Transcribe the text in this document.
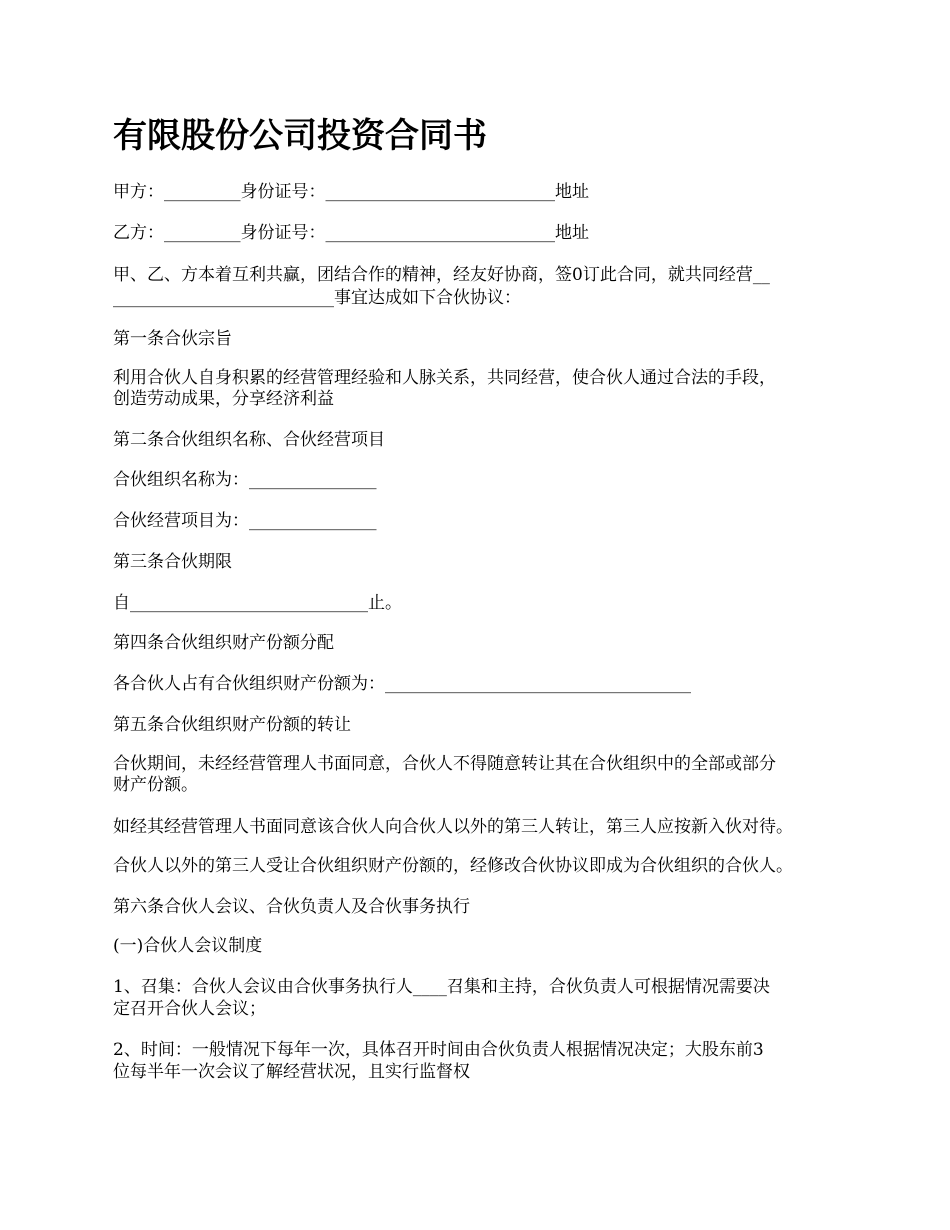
有限股份公司投资合同书

甲方：_________身份证号：___________________________地址

乙方：_________身份证号：___________________________地址

甲、乙、方本着互利共赢，团结合作的精神，经友好协商，签0订此合同，就共同经营__

__________________________事宜达成如下合伙协议：

第一条合伙宗旨

利用合伙人自身积累的经营管理经验和人脉关系，共同经营，使合伙人通过合法的手段，

创造劳动成果，分享经济利益

第二条合伙组织名称、合伙经营项目

合伙组织名称为：_______________

合伙经营项目为：_______________

第三条合伙期限

自____________________________止。

第四条合伙组织财产份额分配

各合伙人占有合伙组织财产份额为：____________________________________

第五条合伙组织财产份额的转让

合伙期间，未经经营管理人书面同意，合伙人不得随意转让其在合伙组织中的全部或部分

财产份额。

如经其经营管理人书面同意该合伙人向合伙人以外的第三人转让，第三人应按新入伙对待。

合伙人以外的第三人受让合伙组织财产份额的，经修改合伙协议即成为合伙组织的合伙人。

第六条合伙人会议、合伙负责人及合伙事务执行

(一)合伙人会议制度

1、召集：合伙人会议由合伙事务执行人____召集和主持，合伙负责人可根据情况需要决

定召开合伙人会议；

2、时间：一般情况下每年一次，具体召开时间由合伙负责人根据情况决定；大股东前3

位每半年一次会议了解经营状况，且实行监督权
